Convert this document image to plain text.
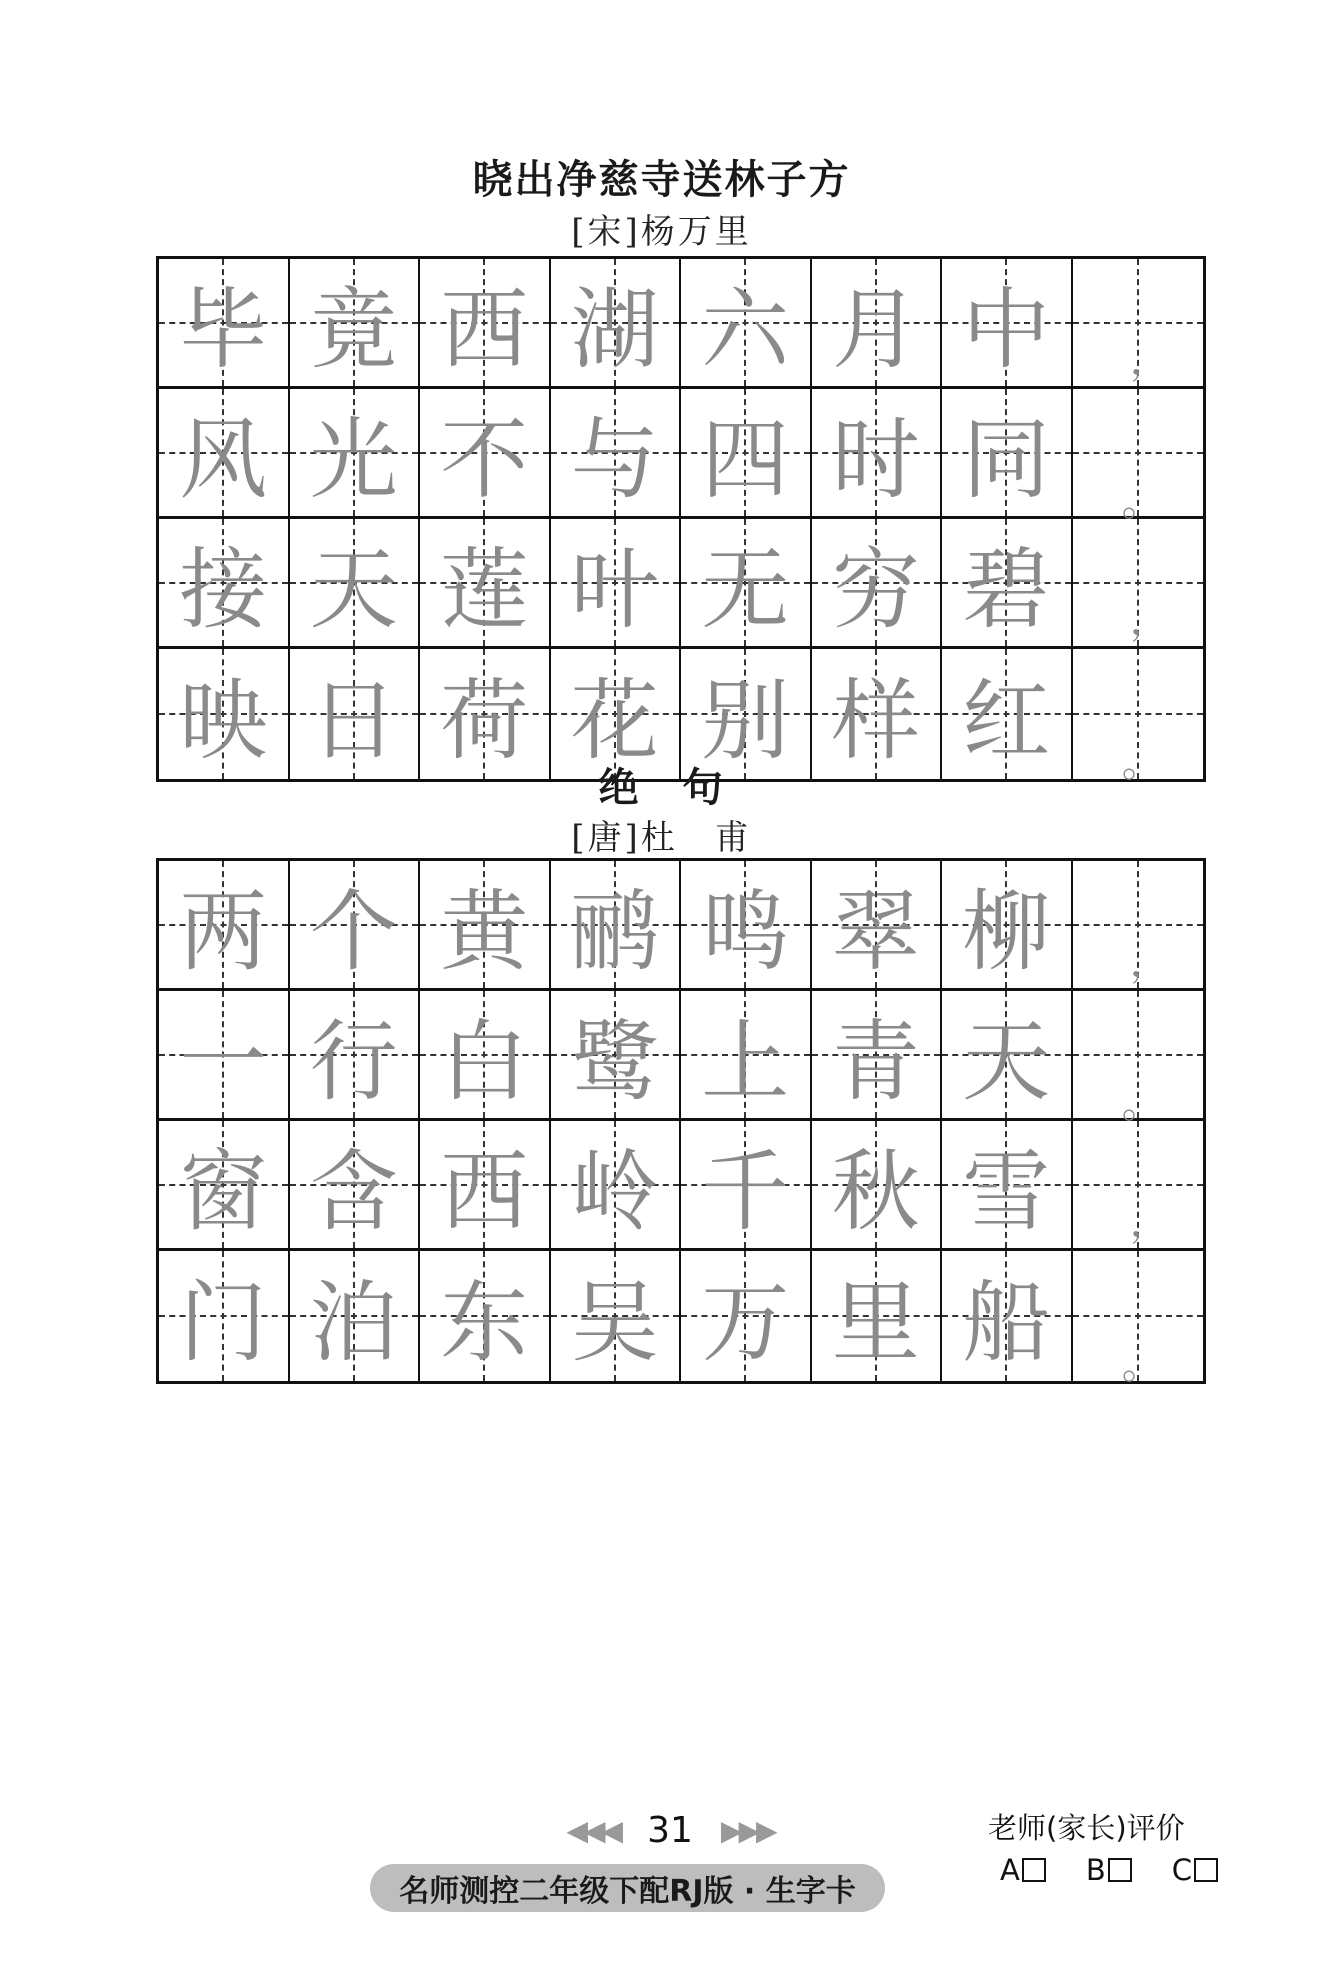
晓出净慈寺送林子方
[宋]杨万里
毕 竟 西 湖 六 月 中 ，
风 光 不 与 四 时 同 。
接 天 莲 叶 无 穷 碧 ，
映 日 荷 花 别 样 红 。
绝　句
[唐]杜　甫
两 个 黄 鹂 鸣 翠 柳 ，
一 行 白 鹭 上 青 天 。
窗 含 西 岭 千 秋 雪 ，
门 泊 东 吴 万 里 船 。
◀◀◀ 31 ▶▶▶
名师测控二年级下配RJ版 · 生字卡
老师(家长)评价
A B C
